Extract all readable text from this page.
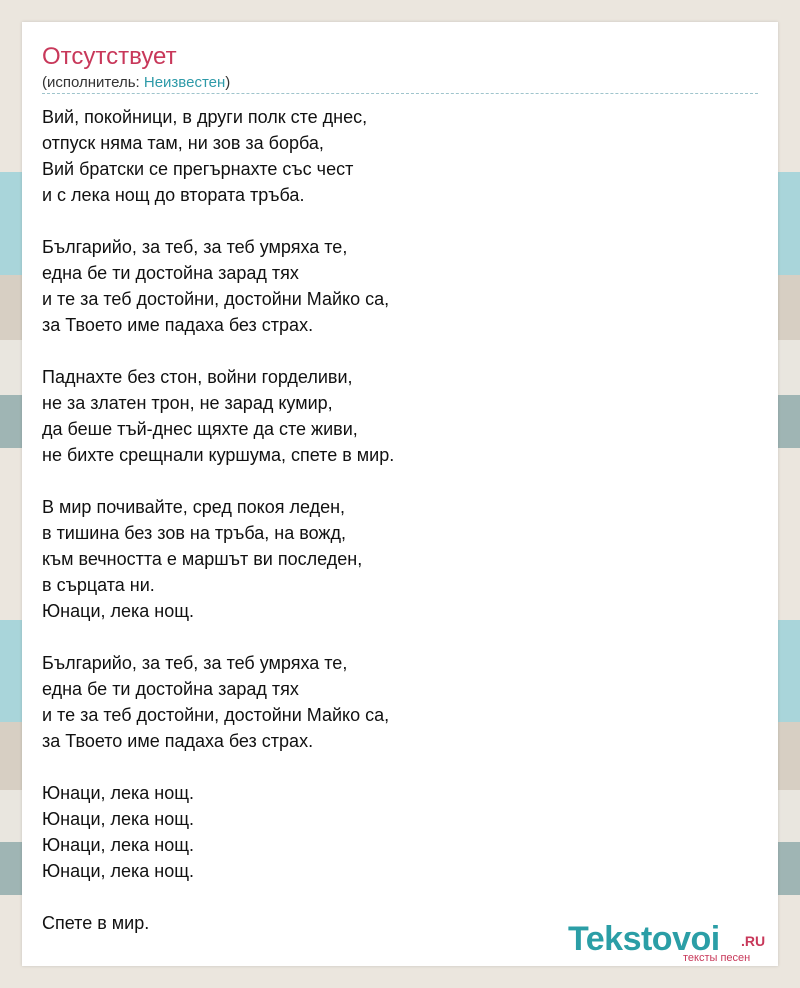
Отсутствует
(исполнитель: Неизвестен)
Вий, покойници, в други полк сте днес,
отпуск няма там, ни зов за борба,
Вий братски се прегърнахте със чест
и с лека нощ до втората тръба.
Българийо, за теб, за теб умряха те,
една бе ти достойна зарад тях
и те за теб достойни, достойни Майко са,
за Твоето име падаха без страх.
Паднахте без стон, войни горделиви,
не за златен трон, не зарад кумир,
да беше тъй-днес щяхте да сте живи,
не бихте срещнали куршума, спете в мир.
В мир почивайте, сред покоя леден,
в тишина без зов на тръба, на вожд,
към вечността е маршът ви последен,
в сърцата ни.
Юнаци, лека нощ.
Българийо, за теб, за теб умряха те,
една бе ти достойна зарад тях
и те за теб достойни, достойни Майко са,
за Твоето име падаха без страх.
Юнаци, лека нощ.
Юнаци, лека нощ.
Юнаци, лека нощ.
Юнаци, лека нощ.
Спете в мир.	Tekstovoi .RU
тексты песен
